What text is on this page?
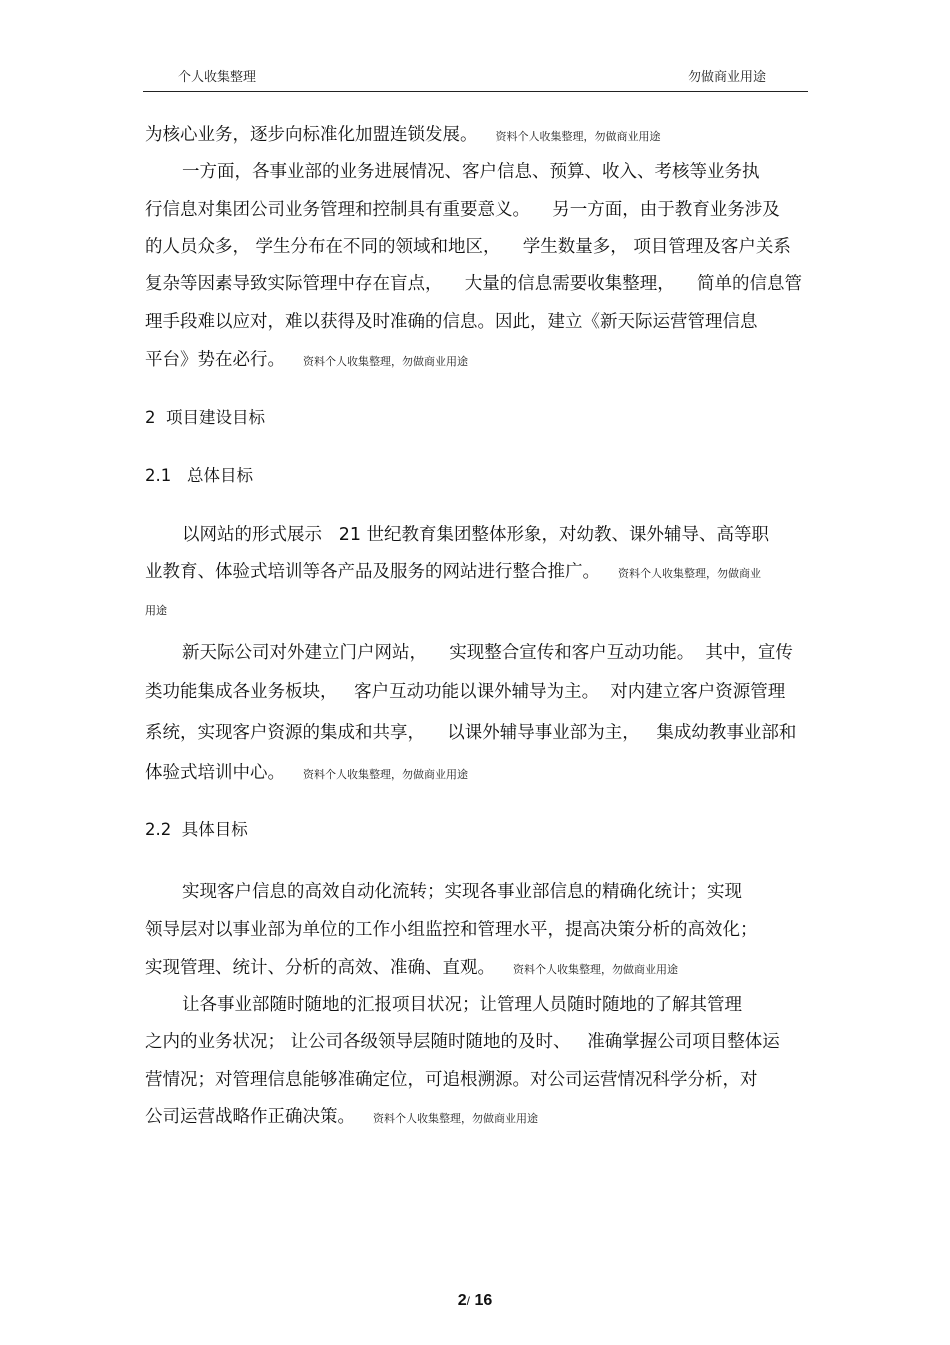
个人收集整理	勿做商业用途
为核心业务，逐步向标准化加盟连锁发展。 资料个人收集整理，勿做商业用途
一方面，各事业部的业务进展情况、客户信息、预算、收入、考核等业务执
行信息对集团公司业务管理和控制具有重要意义。    另一方面，由于教育业务涉及
的人员众多， 学生分布在不同的领域和地区，    学生数量多， 项目管理及客户关系
复杂等因素导致实际管理中存在盲点，    大量的信息需要收集整理，    简单的信息管
理手段难以应对，难以获得及时准确的信息。因此，建立《新天际运营管理信息
平台》势在必行。 资料个人收集整理，勿做商业用途
2  项目建设目标
2.1   总体目标
以网站的形式展示   21 世纪教育集团整体形象，对幼教、课外辅导、高等职
业教育、体验式培训等各产品及服务的网站进行整合推广。 资料个人收集整理，勿做商业
用途
新天际公司对外建立门户网站，    实现整合宣传和客户互动功能。  其中，宣传
类功能集成各业务板块，   客户互动功能以课外辅导为主。  对内建立客户资源管理
系统，实现客户资源的集成和共享，    以课外辅导事业部为主，   集成幼教事业部和
体验式培训中心。 资料个人收集整理，勿做商业用途
2.2  具体目标
实现客户信息的高效自动化流转；实现各事业部信息的精确化统计；实现
领导层对以事业部为单位的工作小组监控和管理水平，提高决策分析的高效化；
实现管理、统计、分析的高效、准确、直观。 资料个人收集整理，勿做商业用途
让各事业部随时随地的汇报项目状况；让管理人员随时随地的了解其管理
之内的业务状况； 让公司各级领导层随时随地的及时、   准确掌握公司项目整体运
营情况；对管理信息能够准确定位，可追根溯源。对公司运营情况科学分析，对
公司运营战略作正确决策。 资料个人收集整理，勿做商业用途
2/ 16
